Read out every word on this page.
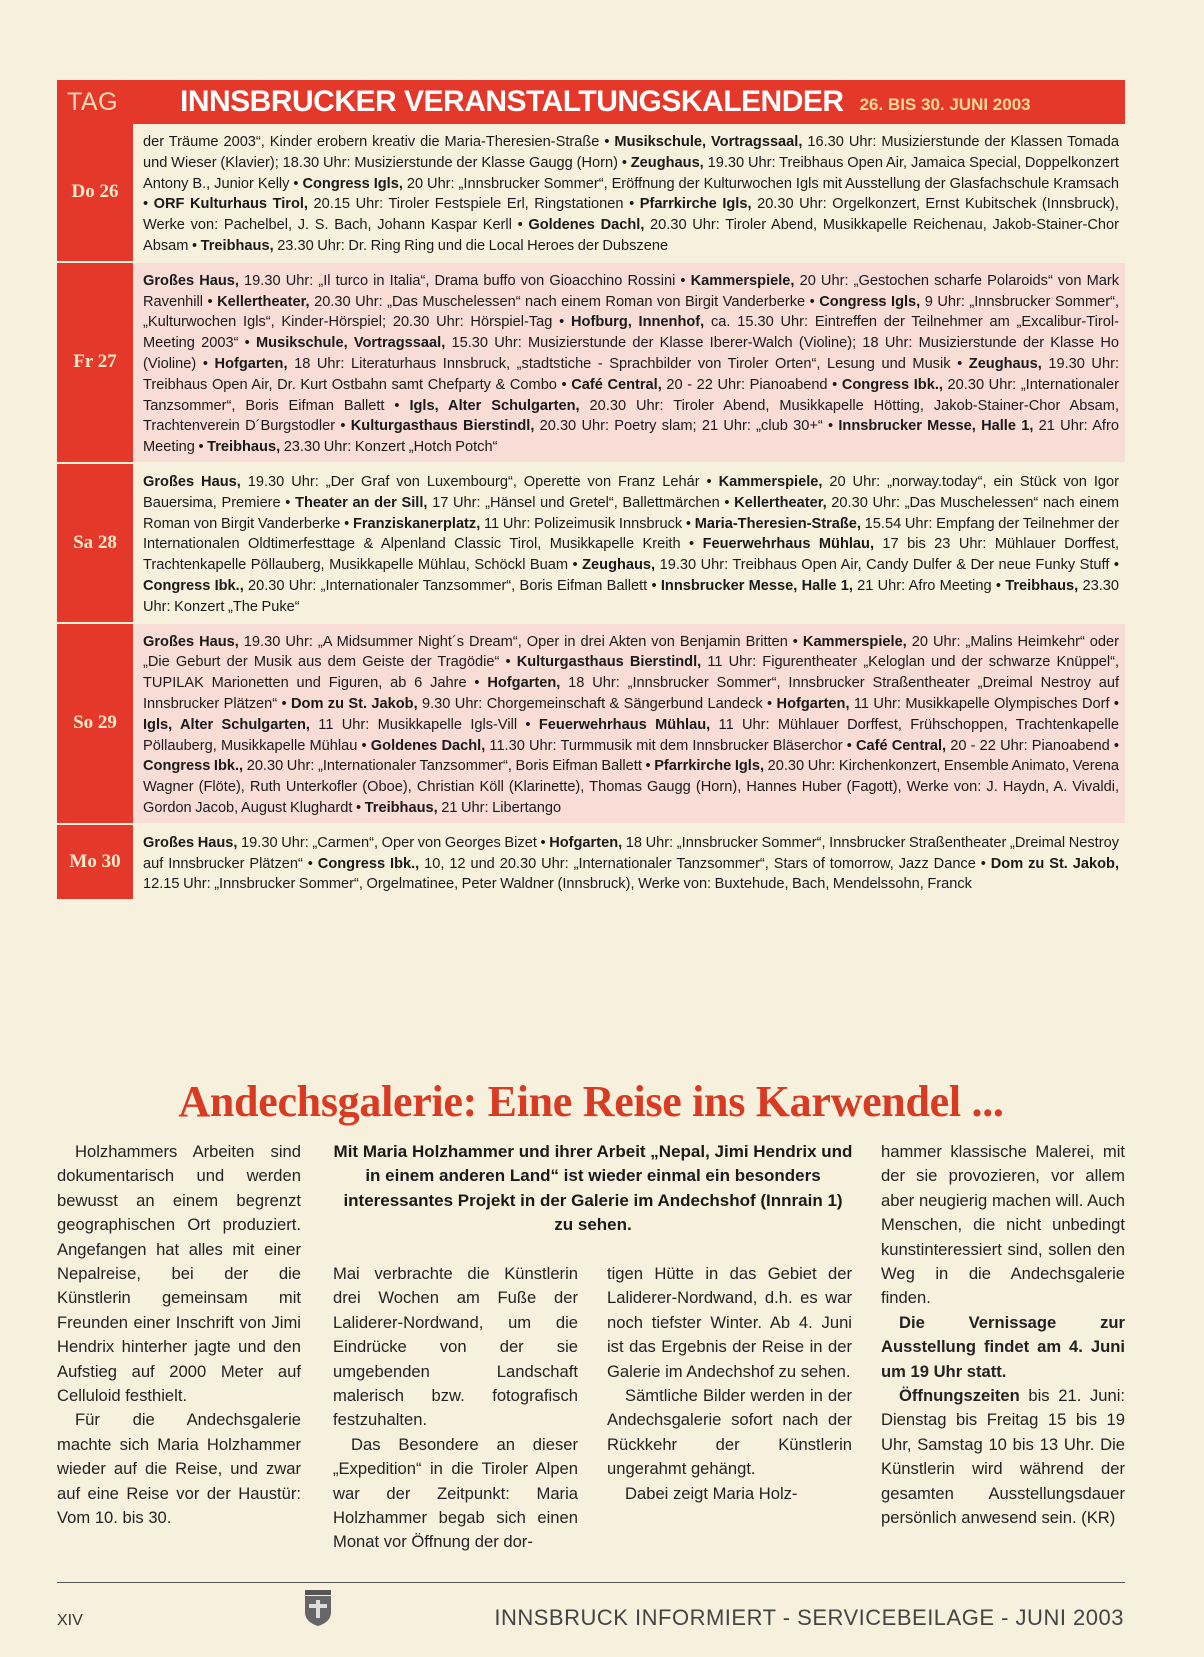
TAG	INNSBRUCKER VERANSTALTUNGSKALENDER 26. BIS 30. JUNI 2003
Do 26
der Träume 2003“, Kinder erobern kreativ die Maria-Theresien-Straße • Musikschule, Vortragssaal, 16.30 Uhr: Musizierstunde der Klassen Tomada und Wieser (Klavier); 18.30 Uhr: Musizierstunde der Klasse Gaugg (Horn) • Zeughaus, 19.30 Uhr: Treibhaus Open Air, Jamaica Special, Doppelkonzert Antony B., Junior Kelly • Congress Igls, 20 Uhr: „Innsbrucker Sommer“, Eröffnung der Kulturwochen Igls mit Ausstellung der Glasfachschule Kramsach • ORF Kulturhaus Tirol, 20.15 Uhr: Tiroler Festspiele Erl, Ringstationen • Pfarrkirche Igls, 20.30 Uhr: Orgelkonzert, Ernst Kubitschek (Innsbruck), Werke von: Pachelbel, J. S. Bach, Johann Kaspar Kerll • Goldenes Dachl, 20.30 Uhr: Tiroler Abend, Musikkapelle Reichenau, Jakob-Stainer-Chor Absam • Treibhaus, 23.30 Uhr: Dr. Ring Ring und die Local Heroes der Dubszene
Fr 27
Großes Haus, 19.30 Uhr: „Il turco in Italia“, Drama buffo von Gioacchino Rossini • Kammerspiele, 20 Uhr: „Gestochen scharfe Polaroids“ von Mark Ravenhill • Kellertheater, 20.30 Uhr: „Das Muschelessen“ nach einem Roman von Birgit Vanderberke • Congress Igls, 9 Uhr: „Innsbrucker Sommer“, „Kulturwochen Igls“, Kinder-Hörspiel; 20.30 Uhr: Hörspiel-Tag • Hofburg, Innenhof, ca. 15.30 Uhr: Eintreffen der Teilnehmer am „Excalibur-Tirol-Meeting 2003“ • Musikschule, Vortragssaal, 15.30 Uhr: Musizierstunde der Klasse Iberer-Walch (Violine); 18 Uhr: Musizierstunde der Klasse Ho (Violine) • Hofgarten, 18 Uhr: Literaturhaus Innsbruck, „stadtstiche - Sprachbilder von Tiroler Orten“, Lesung und Musik • Zeughaus, 19.30 Uhr: Treibhaus Open Air, Dr. Kurt Ostbahn samt Chefparty & Combo • Café Central, 20 - 22 Uhr: Pianoabend • Congress Ibk., 20.30 Uhr: „Internationaler Tanzsommer“, Boris Eifman Ballett • Igls, Alter Schulgarten, 20.30 Uhr: Tiroler Abend, Musikkapelle Hötting, Jakob-Stainer-Chor Absam, Trachtenverein D´Burgstodler • Kulturgasthaus Bierstindl, 20.30 Uhr: Poetry slam; 21 Uhr: „club 30+“ • Innsbrucker Messe, Halle 1, 21 Uhr: Afro Meeting • Treibhaus, 23.30 Uhr: Konzert „Hotch Potch“
Sa 28
Großes Haus, 19.30 Uhr: „Der Graf von Luxembourg“, Operette von Franz Lehár • Kammerspiele, 20 Uhr: „norway.today“, ein Stück von Igor Bauersima, Premiere • Theater an der Sill, 17 Uhr: „Hänsel und Gretel“, Ballettmärchen • Kellertheater, 20.30 Uhr: „Das Muschelessen“ nach einem Roman von Birgit Vanderberke • Franziskanerplatz, 11 Uhr: Polizeimusik Innsbruck • Maria-Theresien-Straße, 15.54 Uhr: Empfang der Teilnehmer der Internationalen Oldtimerfesttage & Alpenland Classic Tirol, Musikkapelle Kreith • Feuerwehrhaus Mühlau, 17 bis 23 Uhr: Mühlauer Dorffest, Trachtenkapelle Pöllauberg, Musikkapelle Mühlau, Schöckl Buam • Zeughaus, 19.30 Uhr: Treibhaus Open Air, Candy Dulfer & Der neue Funky Stuff • Congress Ibk., 20.30 Uhr: „Internationaler Tanzsommer“, Boris Eifman Ballett • Innsbrucker Messe, Halle 1, 21 Uhr: Afro Meeting • Treibhaus, 23.30 Uhr: Konzert „The Puke“
So 29
Großes Haus, 19.30 Uhr: „A Midsummer Night´s Dream“, Oper in drei Akten von Benjamin Britten • Kammerspiele, 20 Uhr: „Malins Heimkehr“ oder „Die Geburt der Musik aus dem Geiste der Tragödie“ • Kulturgasthaus Bierstindl, 11 Uhr: Figurentheater „Keloglan und der schwarze Knüppel“, TUPILAK Marionetten und Figuren, ab 6 Jahre • Hofgarten, 18 Uhr: „Innsbrucker Sommer“, Innsbrucker Straßentheater „Dreimal Nestroy auf Innsbrucker Plätzen“ • Dom zu St. Jakob, 9.30 Uhr: Chorgemeinschaft & Sängerbund Landeck • Hofgarten, 11 Uhr: Musikkapelle Olympisches Dorf • Igls, Alter Schulgarten, 11 Uhr: Musikkapelle Igls-Vill • Feuerwehrhaus Mühlau, 11 Uhr: Mühlauer Dorffest, Frühschoppen, Trachtenkapelle Pöllauberg, Musikkapelle Mühlau • Goldenes Dachl, 11.30 Uhr: Turmmusik mit dem Innsbrucker Bläserchor • Café Central, 20 - 22 Uhr: Pianoabend • Congress Ibk., 20.30 Uhr: „Internationaler Tanzsommer“, Boris Eifman Ballett • Pfarrkirche Igls, 20.30 Uhr: Kirchenkonzert, Ensemble Animato, Verena Wagner (Flöte), Ruth Unterkofler (Oboe), Christian Köll (Klarinette), Thomas Gaugg (Horn), Hannes Huber (Fagott), Werke von: J. Haydn, A. Vivaldi, Gordon Jacob, August Klughardt • Treibhaus, 21 Uhr: Libertango
Mo 30
Großes Haus, 19.30 Uhr: „Carmen“, Oper von Georges Bizet • Hofgarten, 18 Uhr: „Innsbrucker Sommer“, Innsbrucker Straßentheater „Dreimal Nestroy auf Innsbrucker Plätzen“ • Congress Ibk., 10, 12 und 20.30 Uhr: „Internationaler Tanzsommer“, Stars of tomorrow, Jazz Dance • Dom zu St. Jakob, 12.15 Uhr: „Innsbrucker Sommer“, Orgelmatinee, Peter Waldner (Innsbruck), Werke von: Buxtehude, Bach, Mendelssohn, Franck
Andechsgalerie: Eine Reise ins Karwendel ...

Holzhammers Arbeiten sind dokumentarisch und werden bewusst an einem begrenzt geographischen Ort produziert. Angefangen hat alles mit einer Nepalreise, bei der die Künstlerin gemeinsam mit Freunden einer Inschrift von Jimi Hendrix hinterher jagte und den Aufstieg auf 2000 Meter auf Celluloid festhielt.

Für die Andechsgalerie machte sich Maria Holzhammer wieder auf die Reise, und zwar auf eine Reise vor der Haustür: Vom 10. bis 30.

Mit Maria Holzhammer und ihrer Arbeit „Nepal, Jimi Hendrix und in einem anderen Land“ ist wieder einmal ein besonders interessantes Projekt in der Galerie im Andechshof (Innrain 1) zu sehen.

Mai verbrachte die Künstlerin drei Wochen am Fuße der Laliderer-Nordwand, um die Eindrücke von der sie umgebenden Landschaft malerisch bzw. fotografisch festzuhalten.

Das Besondere an dieser „Expedition“ in die Tiroler Alpen war der Zeitpunkt: Maria Holzhammer begab sich einen Monat vor Öffnung der dor-

tigen Hütte in das Gebiet der Laliderer-Nordwand, d.h. es war noch tiefster Winter. Ab 4. Juni ist das Ergebnis der Reise in der Galerie im Andechshof zu sehen.

Sämtliche Bilder werden in der Andechsgalerie sofort nach der Rückkehr der Künstlerin ungerahmt gehängt.

Dabei zeigt Maria Holz-

hammer klassische Malerei, mit der sie provozieren, vor allem aber neugierig machen will. Auch Menschen, die nicht unbedingt kunstinteressiert sind, sollen den Weg in die Andechsgalerie finden.

Die Vernissage zur Ausstellung findet am 4. Juni um 19 Uhr statt.

Öffnungszeiten bis 21. Juni: Dienstag bis Freitag 15 bis 19 Uhr, Samstag 10 bis 13 Uhr. Die Künstlerin wird während der gesamten Ausstellungsdauer persönlich anwesend sein. (KR)

XIV	INNSBRUCK INFORMIERT - SERVICEBEILAGE - JUNI 2003
